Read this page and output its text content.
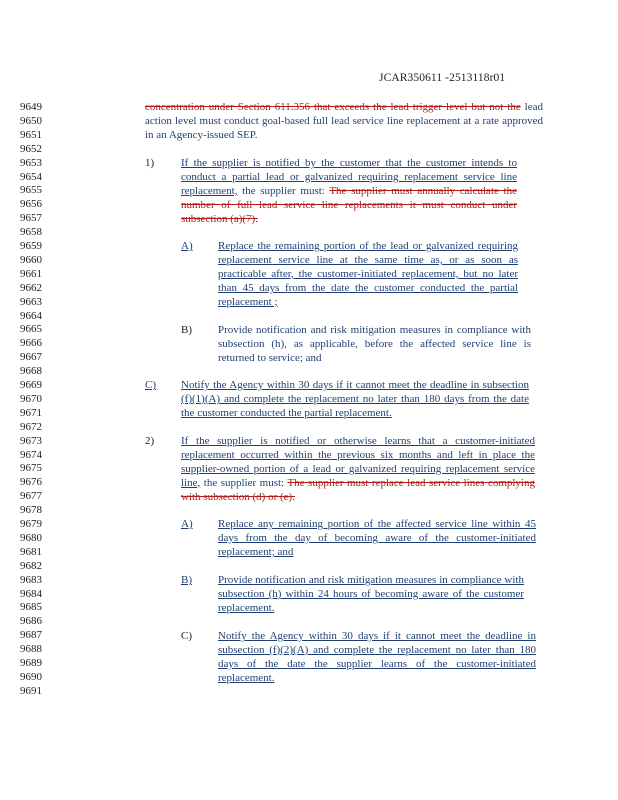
JCAR350611 -2513118r01
9649
9650
9651
9652
9653
9654
9655
9656
9657
9658
9659
9660
9661
9662
9663
9664
9665
9666
9667
9668
9669
9670
9671
9672
9673
9674
9675
9676
9677
9678
9679
9680
9681
9682
9683
9684
9685
9686
9687
9688
9689
9690
9691
concentration under Section 611.356 that exceeds the lead trigger level but not the lead action level must conduct goal-based full lead service line replacement at a rate approved in an Agency-issued SEP.
1) If the supplier is notified by the customer that the customer intends to conduct a partial lead or galvanized requiring replacement service line replacement, the supplier must: The supplier must annually calculate the number of full lead service line replacements it must conduct under subsection (a)(7).
A) Replace the remaining portion of the lead or galvanized requiring replacement service line at the same time as, or as soon as practicable after, the customer-initiated replacement, but no later than 45 days from the date the customer conducted the partial replacement ;
B) Provide notification and risk mitigation measures in compliance with subsection (h), as applicable, before the affected service line is returned to service; and
C) Notify the Agency within 30 days if it cannot meet the deadline in subsection (f)(1)(A) and complete the replacement no later than 180 days from the date the customer conducted the partial replacement.
2) If the supplier is notified or otherwise learns that a customer-initiated replacement occurred within the previous six months and left in place the supplier-owned portion of a lead or galvanized requiring replacement service line, the supplier must: The supplier must replace lead service lines complying with subsection (d) or (e).
A) Replace any remaining portion of the affected service line within 45 days from the day of becoming aware of the customer-initiated replacement; and
B) Provide notification and risk mitigation measures in compliance with subsection (h) within 24 hours of becoming aware of the customer replacement.
C) Notify the Agency within 30 days if it cannot meet the deadline in subsection (f)(2)(A) and complete the replacement no later than 180 days of the date the supplier learns of the customer-initiated replacement.
